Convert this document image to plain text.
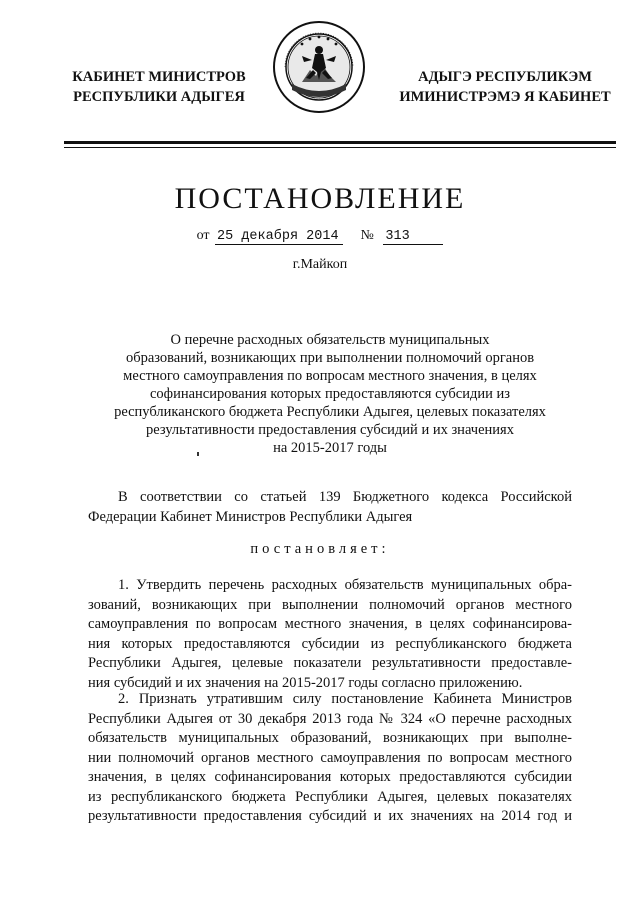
КАБИНЕТ МИНИСТРОВ
РЕСПУБЛИКИ АДЫГЕЯ
АДЫГЭ РЕСПУБЛИКЭМ
ИМИНИСТРЭМЭ Я КАБИНЕТ
ПОСТАНОВЛЕНИЕ
от 25 декабря 2014 № 313
г.Майкоп
О перечне расходных обязательств муниципальных
образований, возникающих при выполнении полномочий органов
местного самоуправления по вопросам местного значения, в целях
софинансирования которых предоставляются субсидии из
республиканского бюджета Республики Адыгея, целевых показателях
результативности предоставления субсидий и их значениях
на 2015-2017 годы
В соответствии со статьей 139 Бюджетного кодекса Российской
Федерации Кабинет Министров Республики Адыгея
постановляет:
1. Утвердить перечень расходных обязательств муниципальных обра-
зований, возникающих при выполнении полномочий органов местного
самоуправления по вопросам местного значения, в целях софинансирова-
ния которых предоставляются субсидии из республиканского бюджета
Республики Адыгея, целевые показатели результативности предоставле-
ния субсидий и их значения на 2015-2017 годы согласно приложению.
2. Признать утратившим силу постановление Кабинета Министров
Республики Адыгея от 30 декабря 2013 года № 324 «О перечне расходных
обязательств муниципальных образований, возникающих при выполне-
нии полномочий органов местного самоуправления по вопросам местного
значения, в целях софинансирования которых предоставляются субсидии
из республиканского бюджета Республики Адыгея, целевых показателях
результативности предоставления субсидий и их значениях на 2014 год и
